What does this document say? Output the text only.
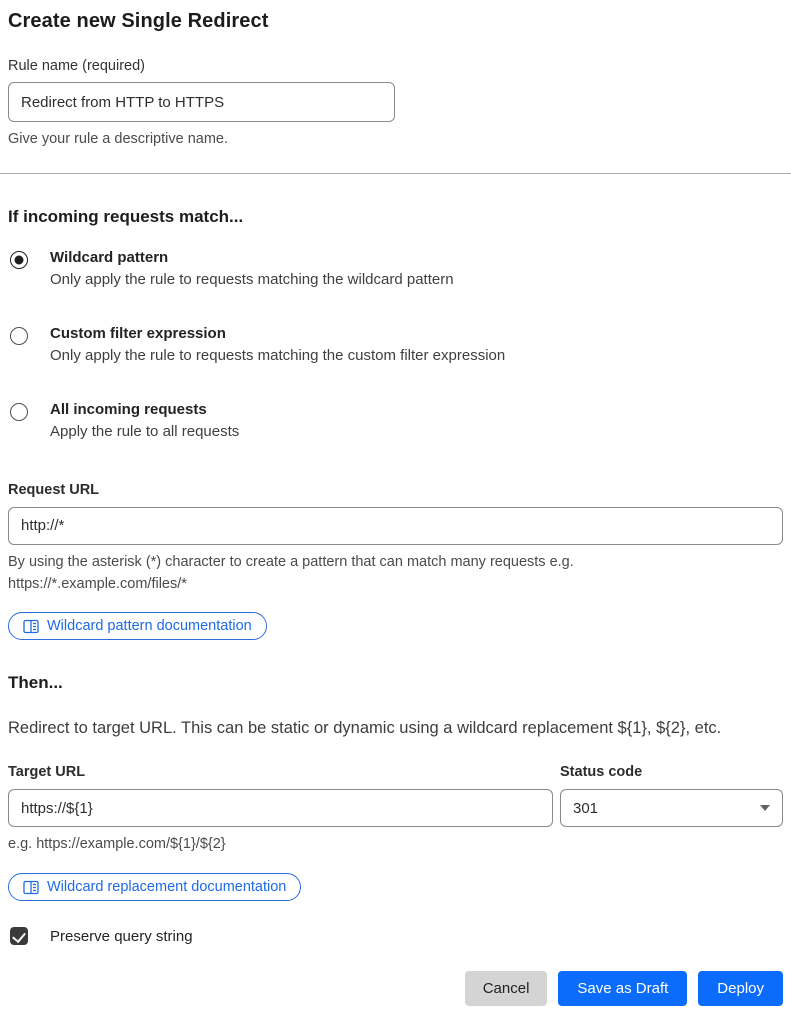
Create new Single Redirect
Rule name (required)
Redirect from HTTP to HTTPS
Give your rule a descriptive name.
If incoming requests match...
Wildcard pattern
Only apply the rule to requests matching the wildcard pattern
Custom filter expression
Only apply the rule to requests matching the custom filter expression
All incoming requests
Apply the rule to all requests
Request URL
http://*
By using the asterisk (*) character to create a pattern that can match many requests e.g.
https://*.example.com/files/*
Wildcard pattern documentation
Then...
Redirect to target URL. This can be static or dynamic using a wildcard replacement ${1}, ${2}, etc.
Target URL
https://${1}
e.g. https://example.com/${1}/${2}
Status code
301
Wildcard replacement documentation
Preserve query string
Cancel	Save as Draft	Deploy
